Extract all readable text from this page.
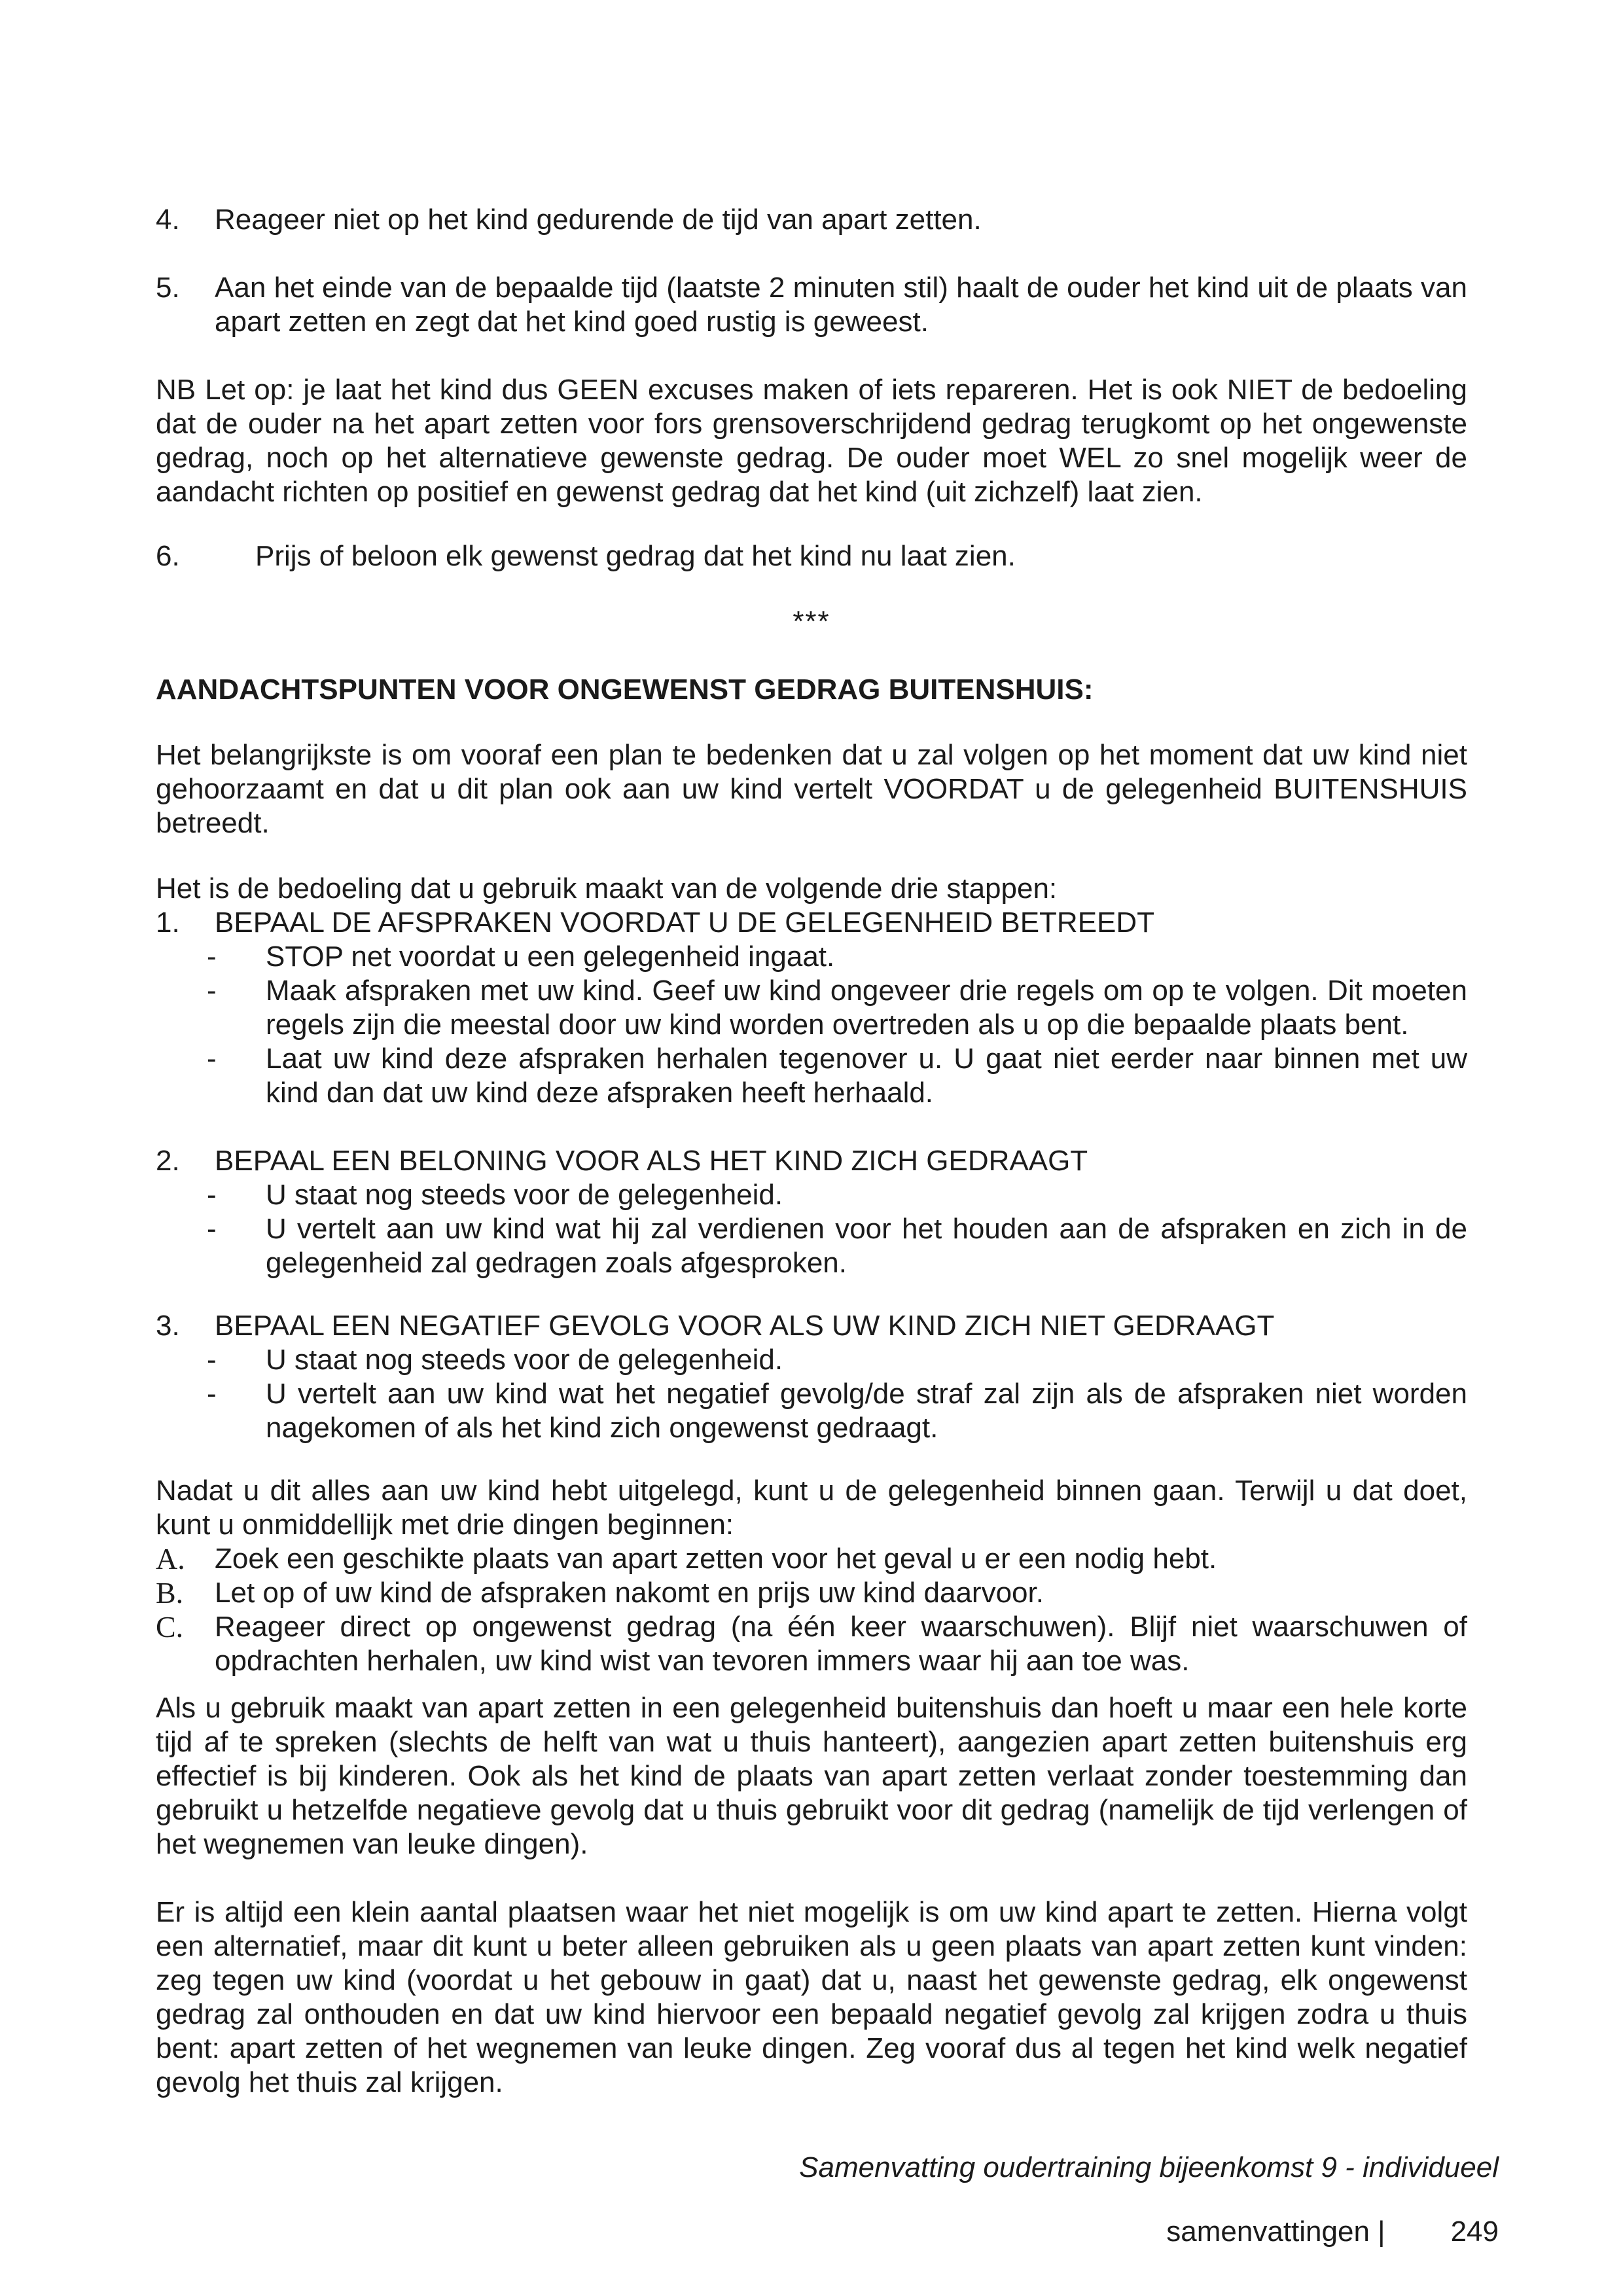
4. Reageer niet op het kind gedurende de tijd van apart zetten.
5. Aan het einde van de bepaalde tijd (laatste 2 minuten stil) haalt de ouder het kind uit de plaats van apart zetten en zegt dat het kind goed rustig is geweest.

NB Let op: je laat het kind dus GEEN excuses maken of iets repareren. Het is ook NIET de bedoeling dat de ouder na het apart zetten voor fors grensoverschrijdend gedrag terugkomt op het ongewenste gedrag, noch op het alternatieve gewenste gedrag. De ouder moet WEL zo snel mogelijk weer de aandacht richten op positief en gewenst gedrag dat het kind (uit zichzelf) laat zien.

6.	Prijs of beloon elk gewenst gedrag dat het kind nu laat zien.

***

AANDACHTSPUNTEN VOOR ONGEWENST GEDRAG BUITENSHUIS:

Het belangrijkste is om vooraf een plan te bedenken dat u zal volgen op het moment dat uw kind niet gehoorzaamt en dat u dit plan ook aan uw kind vertelt VOORDAT u de gelegenheid BUITENSHUIS betreedt.

Het is de bedoeling dat u gebruik maakt van de volgende drie stappen:

1. BEPAAL DE AFSPRAKEN VOORDAT U DE GELEGENHEID BETREEDT
- STOP net voordat u een gelegenheid ingaat.
- Maak afspraken met uw kind. Geef uw kind ongeveer drie regels om op te volgen. Dit moeten regels zijn die meestal door uw kind worden overtreden als u op die bepaalde plaats bent.
- Laat uw kind deze afspraken herhalen tegenover u. U gaat niet eerder naar binnen met uw kind dan dat uw kind deze afspraken heeft herhaald.
2. BEPAAL EEN BELONING VOOR ALS HET KIND ZICH GEDRAAGT
- U staat nog steeds voor de gelegenheid.
- U vertelt aan uw kind wat hij zal verdienen voor het houden aan de afspraken en zich in de gelegenheid zal gedragen zoals afgesproken.
3. BEPAAL EEN NEGATIEF GEVOLG VOOR ALS UW KIND ZICH NIET GEDRAAGT
- U staat nog steeds voor de gelegenheid.
- U vertelt aan uw kind wat het negatief gevolg/de straf zal zijn als de afspraken niet worden nagekomen of als het kind zich ongewenst gedraagt.

Nadat u dit alles aan uw kind hebt uitgelegd, kunt u de gelegenheid binnen gaan. Terwijl u dat doet, kunt u onmiddellijk met drie dingen beginnen:

A. Zoek een geschikte plaats van apart zetten voor het geval u er een nodig hebt.
B. Let op of uw kind de afspraken nakomt en prijs uw kind daarvoor.
C. Reageer direct op ongewenst gedrag (na één keer waarschuwen). Blijf niet waarschuwen of opdrachten herhalen, uw kind wist van tevoren immers waar hij aan toe was.

Als u gebruik maakt van apart zetten in een gelegenheid buitenshuis dan hoeft u maar een hele korte tijd af te spreken (slechts de helft van wat u thuis hanteert), aangezien apart zetten buitenshuis erg effectief is bij kinderen. Ook als het kind de plaats van apart zetten verlaat zonder toestemming dan gebruikt u hetzelfde negatieve gevolg dat u thuis gebruikt voor dit gedrag (namelijk de tijd verlengen of het wegnemen van leuke dingen).

Er is altijd een klein aantal plaatsen waar het niet mogelijk is om uw kind apart te zetten. Hierna volgt een alternatief, maar dit kunt u beter alleen gebruiken als u geen plaats van apart zetten kunt vinden: zeg tegen uw kind (voordat u het gebouw in gaat) dat u, naast het gewenste gedrag, elk ongewenst gedrag zal onthouden en dat uw kind hiervoor een bepaald negatief gevolg zal krijgen zodra u thuis bent: apart zetten of het wegnemen van leuke dingen. Zeg vooraf dus al tegen het kind welk negatief gevolg het thuis zal krijgen.

Samenvatting oudertraining bijeenkomst 9 - individueel

samenvattingen | 249
